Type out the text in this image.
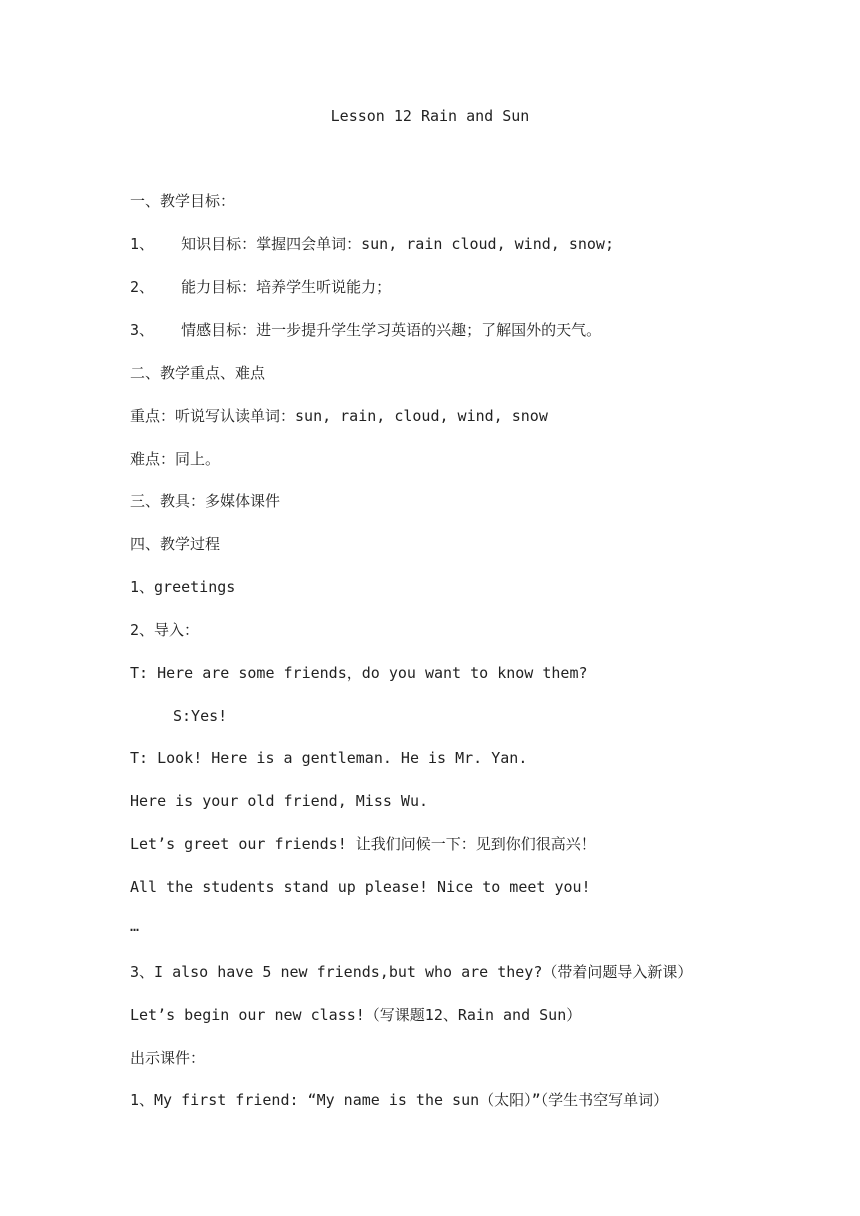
Lesson 12 Rain and Sun
一、教学目标：
1、   知识目标：掌握四会单词：sun, rain cloud, wind, snow;
2、   能力目标：培养学生听说能力；
3、   情感目标：进一步提升学生学习英语的兴趣；了解国外的天气。
二、教学重点、难点
重点：听说写认读单词：sun, rain, cloud, wind, snow
难点：同上。
三、教具：多媒体课件
四、教学过程
1、greetings
2、导入：
T: Here are some friends，do you want to know them?
S:Yes!
T: Look! Here is a gentleman. He is Mr. Yan.
Here is your old friend, Miss Wu.
Let’s greet our friends! 让我们问候一下：见到你们很高兴！
All the students stand up please! Nice to meet you!
…
3、I also have 5 new friends,but who are they?（带着问题导入新课）
Let’s begin our new class!（写课题12、Rain and Sun）
出示课件：
1、My first friend: “My name is the sun（太阳）”（学生书空写单词）
